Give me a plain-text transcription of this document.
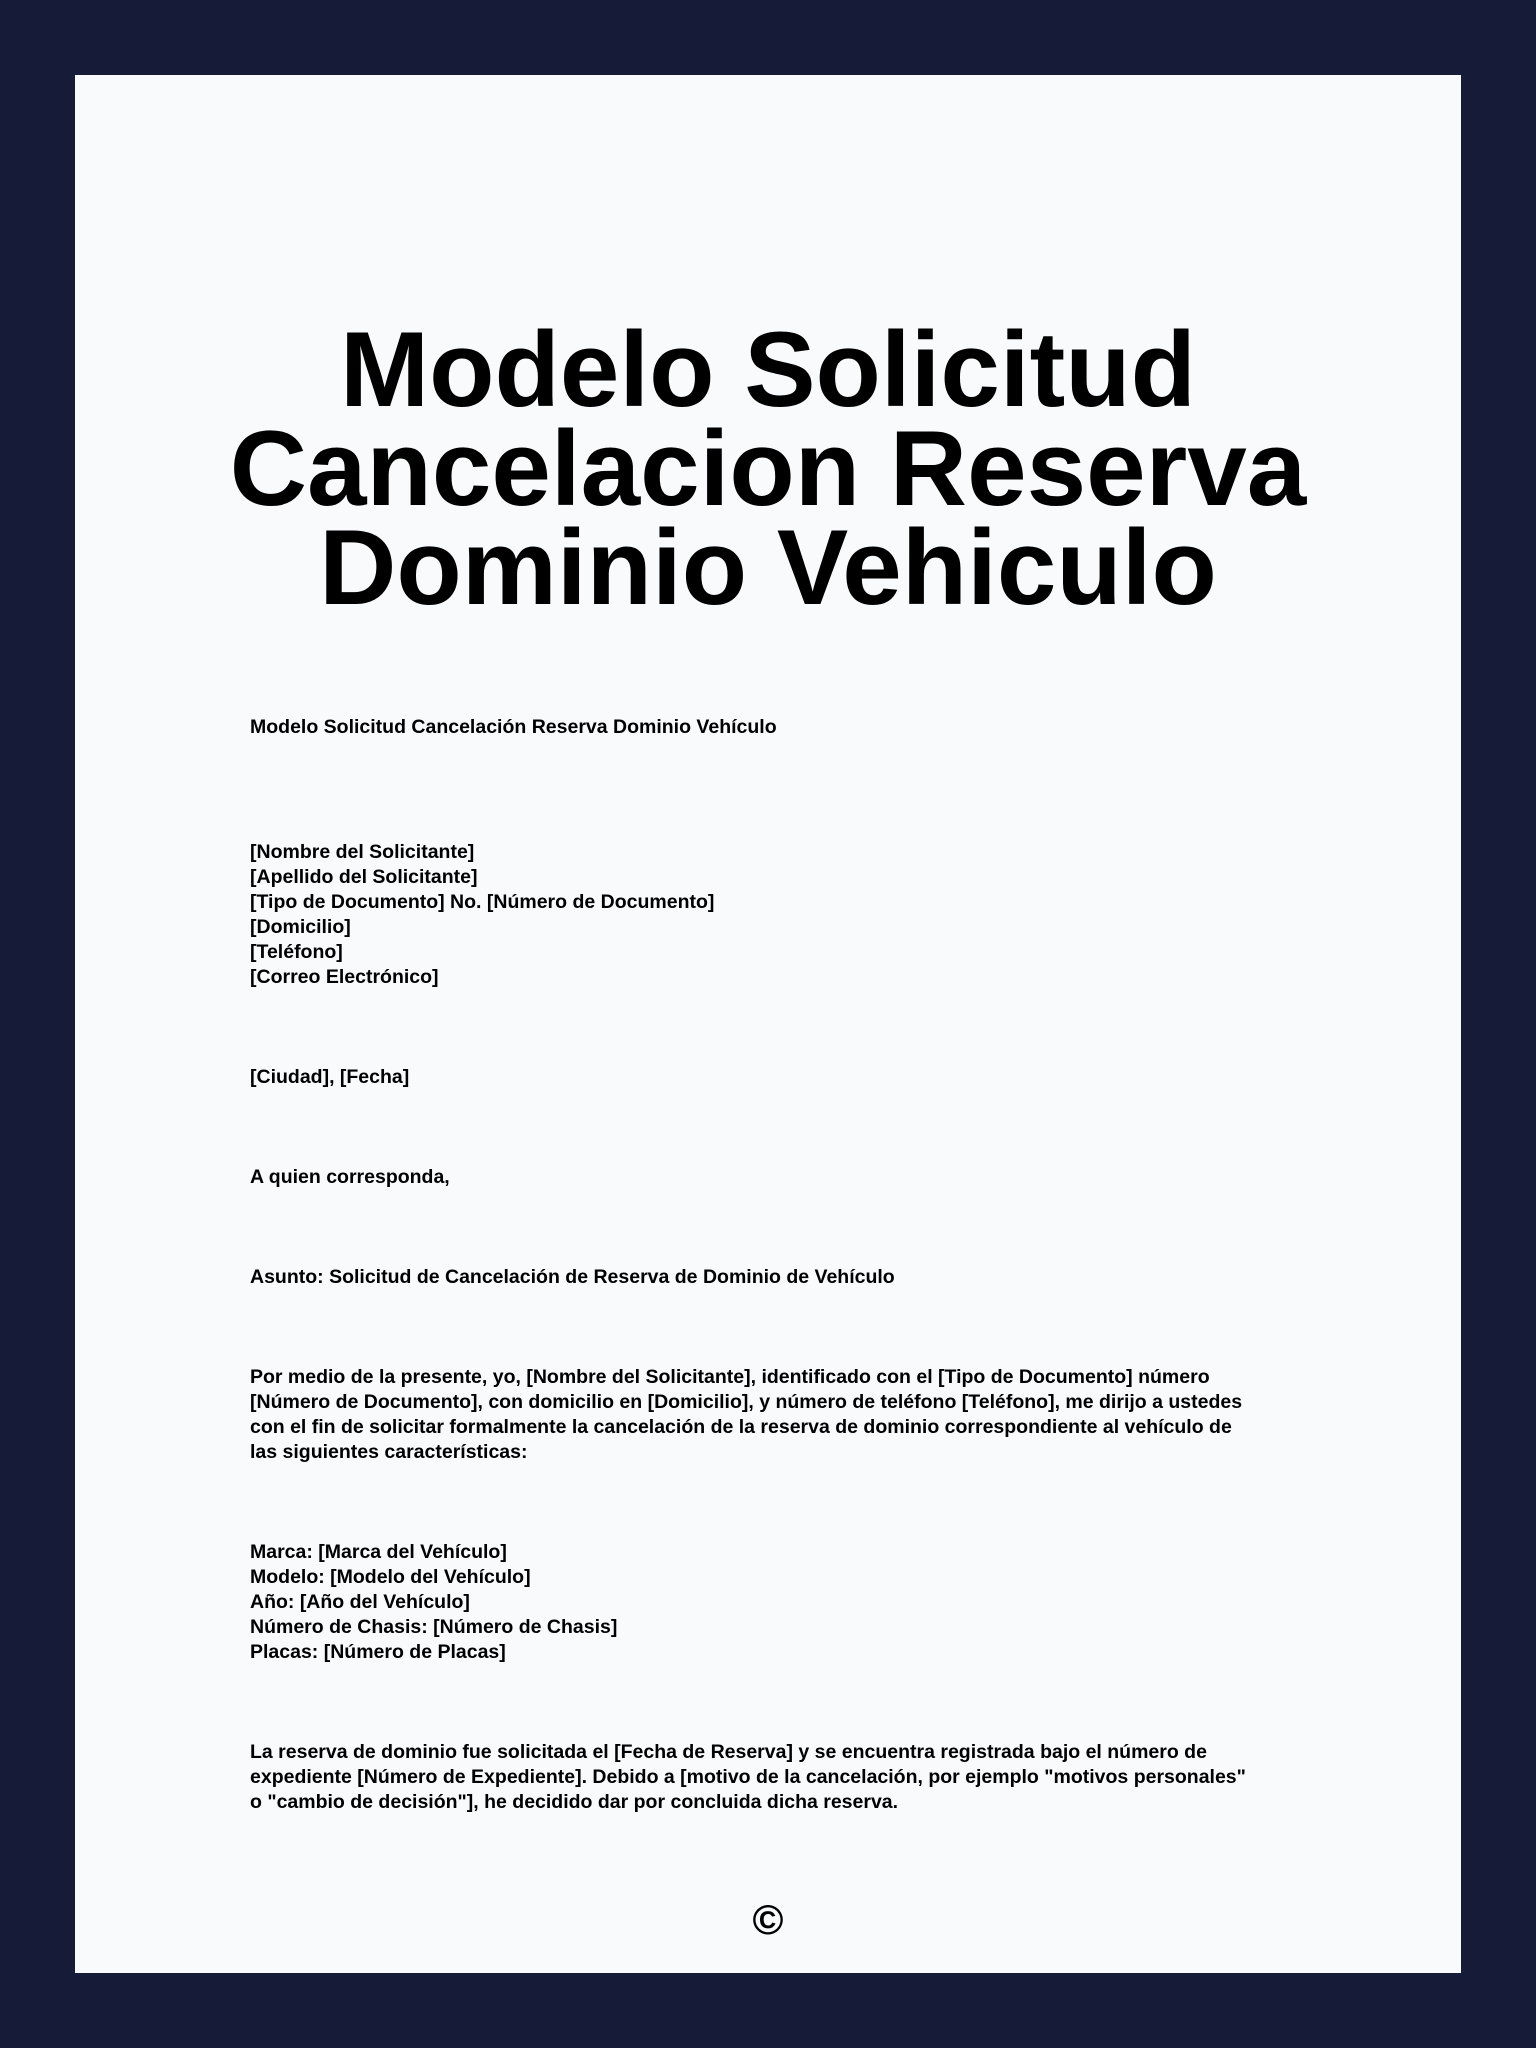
Modelo Solicitud
Cancelacion Reserva
Dominio Vehiculo

Modelo Solicitud Cancelación Reserva Dominio Vehículo

[Nombre del Solicitante]
[Apellido del Solicitante]
[Tipo de Documento] No. [Número de Documento]
[Domicilio]
[Teléfono]
[Correo Electrónico]

[Ciudad], [Fecha]

A quien corresponda,

Asunto: Solicitud de Cancelación de Reserva de Dominio de Vehículo

Por medio de la presente, yo, [Nombre del Solicitante], identificado con el [Tipo de Documento] número
[Número de Documento], con domicilio en [Domicilio], y número de teléfono [Teléfono], me dirijo a ustedes
con el fin de solicitar formalmente la cancelación de la reserva de dominio correspondiente al vehículo de
las siguientes características:

Marca: [Marca del Vehículo]
Modelo: [Modelo del Vehículo]
Año: [Año del Vehículo]
Número de Chasis: [Número de Chasis]
Placas: [Número de Placas]

La reserva de dominio fue solicitada el [Fecha de Reserva] y se encuentra registrada bajo el número de
expediente [Número de Expediente]. Debido a [motivo de la cancelación, por ejemplo "motivos personales"
o "cambio de decisión"], he decidido dar por concluida dicha reserva.

©
